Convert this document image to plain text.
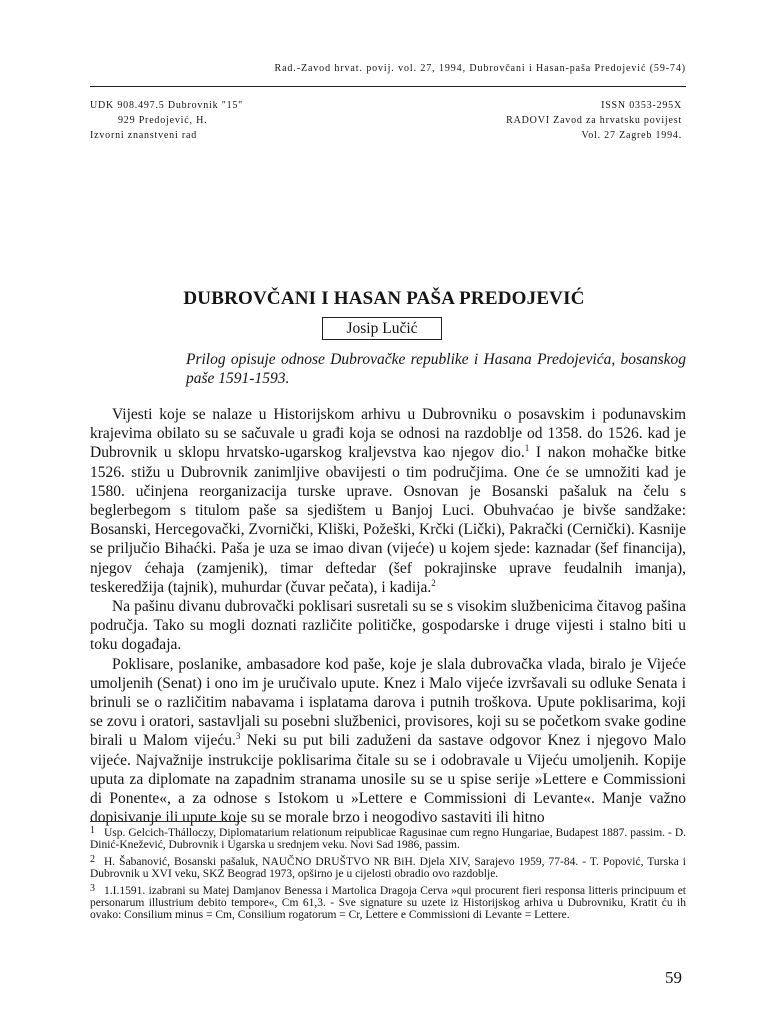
Rad.-Zavod hrvat. povij. vol. 27, 1994, Dubrovčani i Hasan-paša Predojević (59-74)
UDK 908.497.5 Dubrovnik "15"
929 Predojević, H.
Izvorni znanstveni rad
ISSN 0353-295X
RADOVI Zavod za hrvatsku povijest
Vol. 27 Zagreb 1994.
DUBROVČANI I HASAN PAŠA PREDOJEVIĆ
Josip Lučić
Prilog opisuje odnose Dubrovačke republike i Hasana Predojevića, bosanskog paše 1591-1593.

Vijesti koje se nalaze u Historijskom arhivu u Dubrovniku o posavskim i podunavskim krajevima obilato su se sačuvale u građi koja se odnosi na razdoblje od 1358. do 1526. kad je Dubrovnik u sklopu hrvatsko-ugarskog kraljevstva kao njegov dio.$^1$ I nakon mohačke bitke 1526. stižu u Dubrovnik zanimljive obavijesti o tim područjima. One će se umnožiti kad je 1580. učinjena reorganizacija turske uprave. Osnovan je Bosanski pašaluk na čelu s beglerbegom s titulom paše sa sjedištem u Banjoj Luci. Obuhvaćao je bivše sandžake: Bosanski, Hercegovački, Zvornički, Kliški, Požeški, Krčki (Lički), Pakrački (Cernički). Kasnije se priljučio Bihaćki. Paša je uza se imao divan (vijeće) u kojem sjede: kaznadar (šef financija), njegov ćehaja (zamjenik), timar deftedar (šef pokrajinske uprave feudalnih imanja), teskeredžija (tajnik), muhurdar (čuvar pečata), i kadija.$^2$

Na pašinu divanu dubrovački poklisari susretali su se s visokim službenicima čitavog pašina područja. Tako su mogli doznati različite političke, gospodarske i druge vijesti i stalno biti u toku događaja.

Poklisare, poslanike, ambasadore kod paše, koje je slala dubrovačka vlada, biralo je Vijeće umoljenih (Senat) i ono im je uručivalo upute. Knez i Malo vijeće izvršavali su odluke Senata i brinuli se o različitim nabavama i isplatama darova i putnih troškova. Upute poklisarima, koji se zovu i oratori, sastavljali su posebni službenici, provisores, koji su se početkom svake godine birali u Malom vijeću.$^3$ Neki su put bili zaduženi da sastave odgovor Knez i njegovo Malo vijeće. Najvažnije instrukcije poklisarima čitale su se i odobravale u Vijeću umoljenih. Kopije uputa za diplomate na zapadnim stranama unosile su se u spise serije »Lettere e Commissioni di Ponente«, a za odnose s Istokom u »Lettere e Commissioni di Levante«. Manje važno dopisivanje ili upute koje su se morale brzo i neogodivo sastaviti ili hitno

1 Usp. Gelcich-Thálloczy, Diplomatarium relationum reipublicae Ragusinae cum regno Hungariae, Budapest 1887. passim. - D. Dinić-Knežević, Dubrovnik i Ugarska u srednjem veku. Novi Sad 1986, passim.

2 H. Šabanović, Bosanski pašaluk, NAUČNO DRUŠTVO NR BiH. Djela XIV, Sarajevo 1959, 77-84. - T. Popović, Turska i Dubrovnik u XVI veku, SKZ Beograd 1973, opširno je u cijelosti obradio ovo razdoblje.

3 1.I.1591. izabrani su Matej Damjanov Benessa i Martolica Dragoja Cerva »qui procurent fieri responsa litteris principuum et personarum illustrium debito tempore«, Cm 61,3. - Sve signature su uzete iz Historijskog arhiva u Dubrovniku, Kratit ću ih ovako: Consilium minus = Cm, Consilium rogatorum = Cr, Lettere e Commissioni di Levante = Lettere.

59
